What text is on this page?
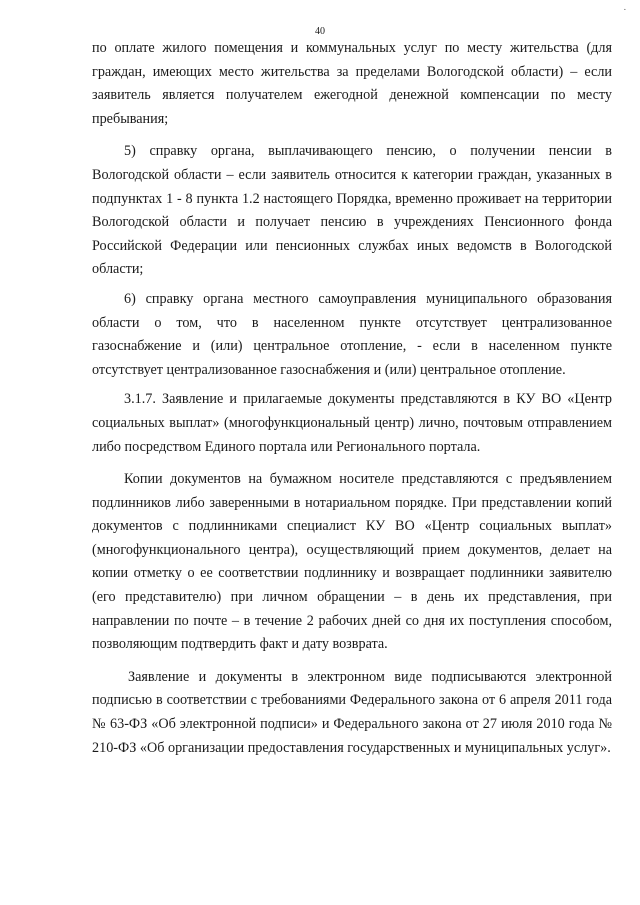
.
40

по оплате жилого помещения и коммунальных услуг по месту жительства (для граждан, имеющих место жительства за пределами Вологодской области) – если заявитель является получателем ежегодной денежной компенсации по месту пребывания;

5) справку органа, выплачивающего пенсию, о получении пенсии в Вологодской области – если заявитель относится к категории граждан, указанных в подпунктах 1 - 8 пункта 1.2 настоящего Порядка, временно проживает на территории Вологодской области и получает пенсию в учреждениях Пенсионного фонда Российской Федерации или пенсионных службах иных ведомств в Вологодской области;

6) справку органа местного самоуправления муниципального образования области о том, что в населенном пункте отсутствует централизованное газоснабжение и (или) центральное отопление, - если в населенном пункте отсутствует централизованное газоснабжения и (или) центральное отопление.

3.1.7. Заявление и прилагаемые документы представляются в КУ ВО «Центр социальных выплат» (многофункциональный центр) лично, почтовым отправлением либо посредством Единого портала или Регионального портала.

Копии документов на бумажном носителе представляются с предъявлением подлинников либо заверенными в нотариальном порядке. При представлении копий документов с подлинниками специалист КУ ВО «Центр социальных выплат» (многофункционального центра), осуществляющий прием документов, делает на копии отметку о ее соответствии подлиннику и возвращает подлинники заявителю (его представителю) при личном обращении – в день их представления, при направлении по почте – в течение 2 рабочих дней со дня их поступления способом, позволяющим подтвердить факт и дату возврата.

Заявление и документы в электронном виде подписываются электронной подписью в соответствии с требованиями Федерального закона от 6 апреля 2011 года № 63-ФЗ «Об электронной подписи» и Федерального закона от 27 июля 2010 года № 210-ФЗ «Об организации предоставления государственных и муниципальных услуг».
